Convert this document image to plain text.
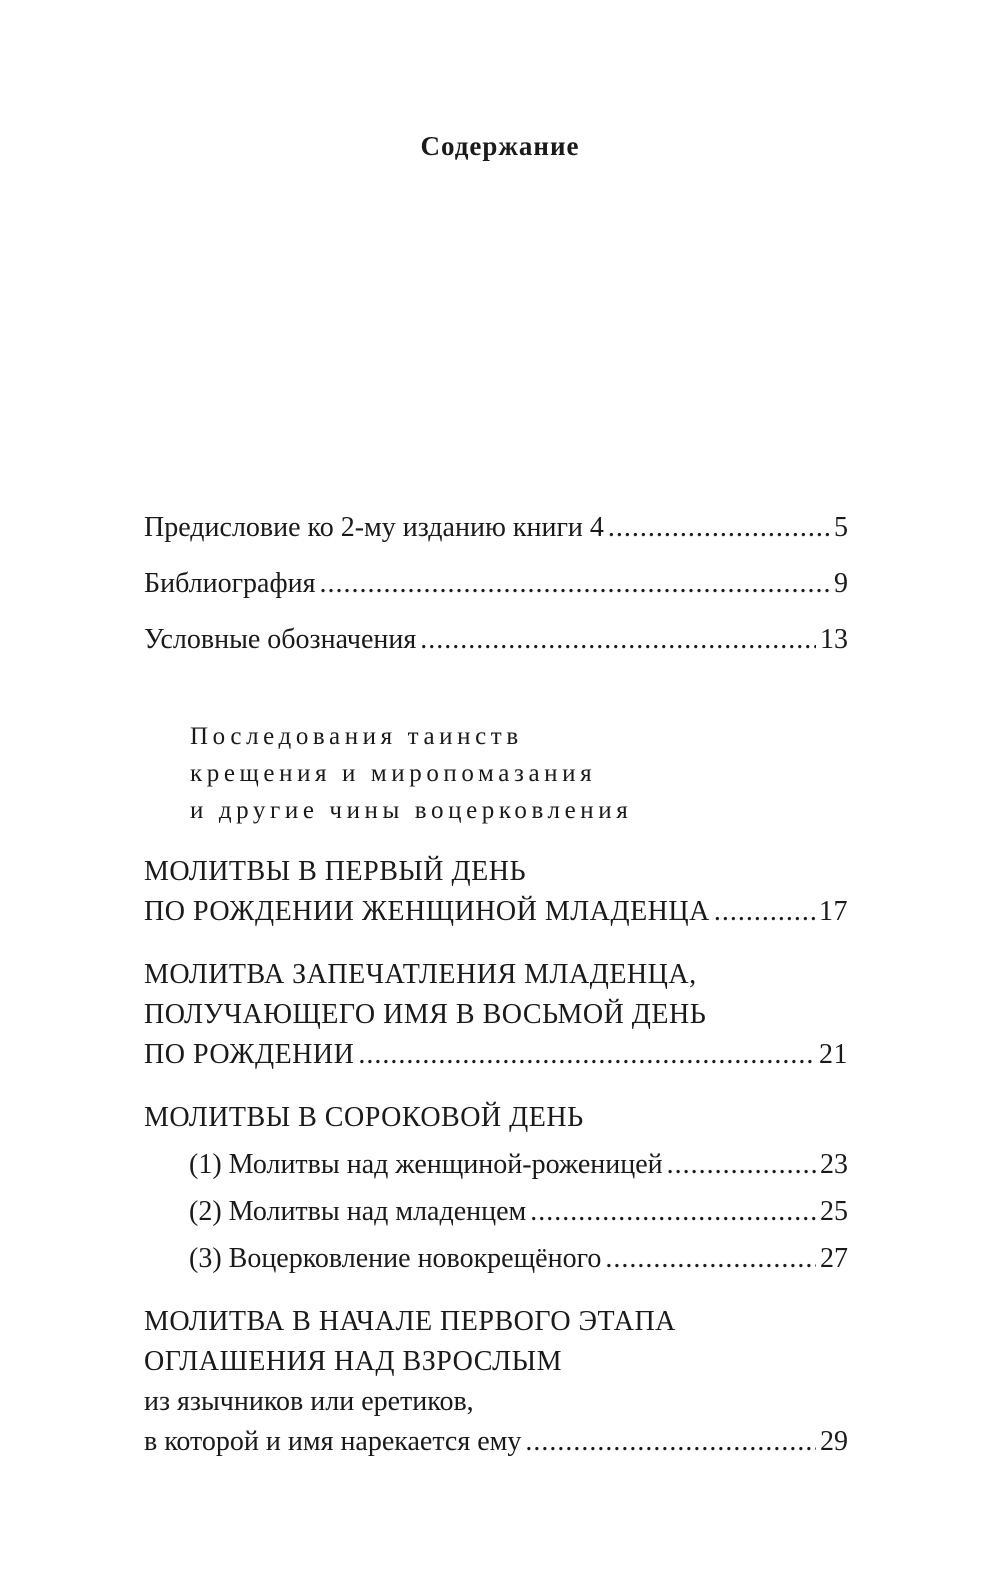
Содержание
Предисловие ко 2-му изданию книги 4 .....	5
Библиография .....	9
Условные обозначения .....	13
Последования таинств
крещения и миропомазания
и другие чины воцерковления
МОЛИТВЫ В ПЕРВЫЙ ДЕНЬ
ПО РОЖДЕНИИ ЖЕНЩИНОЙ МЛАДЕНЦА .....	17
МОЛИТВА ЗАПЕЧАТЛЕНИЯ МЛАДЕНЦА,
ПОЛУЧАЮЩЕГО ИМЯ В ВОСЬМОЙ ДЕНЬ
ПО РОЖДЕНИИ .....	21
МОЛИТВЫ В СОРОКОВОЙ ДЕНЬ
(1) Молитвы над женщиной-роженицей .....	23
(2) Молитвы над младенцем .....	25
(3) Воцерковление новокрещёного .....	27
МОЛИТВА В НАЧАЛЕ ПЕРВОГО ЭТАПА
ОГЛАШЕНИЯ НАД ВЗРОСЛЫМ
из язычников или еретиков,
в которой и имя нарекается ему .....	29
